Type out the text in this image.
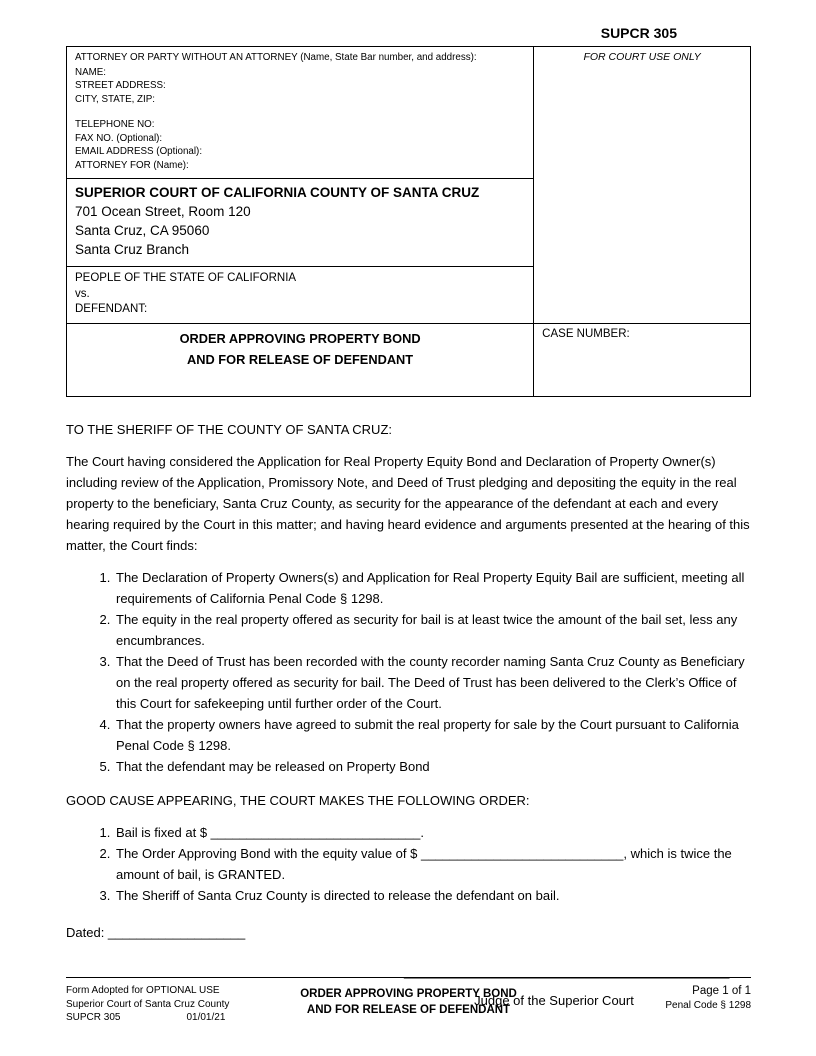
SUPCR 305
ATTORNEY OR PARTY WITHOUT AN ATTORNEY (Name, State Bar number, and address):
NAME:
STREET ADDRESS:
CITY, STATE, ZIP:
TELEPHONE NO:
FAX NO. (Optional):
EMAIL ADDRESS (Optional):
ATTORNEY FOR (Name):
	FOR COURT USE ONLY

SUPERIOR COURT OF CALIFORNIA COUNTY OF SANTA CRUZ
701 Ocean Street, Room 120
Santa Cruz, CA 95060
Santa Cruz Branch	

PEOPLE OF THE STATE OF CALIFORNIA
vs.
DEFENDANT:	

ORDER APPROVING PROPERTY BOND
AND FOR RELEASE OF DEFENDANT	CASE NUMBER:

TO THE SHERIFF OF THE COUNTY OF SANTA CRUZ:

The Court having considered the Application for Real Property Equity Bond and Declaration of Property Owner(s) including review of the Application, Promissory Note, and Deed of Trust pledging and depositing the equity in the real property to the beneficiary, Santa Cruz County, as security for the appearance of the defendant at each and every hearing required by the Court in this matter; and having heard evidence and arguments presented at the hearing of this matter, the Court finds:

1. The Declaration of Property Owners(s) and Application for Real Property Equity Bail are sufficient, meeting all requirements of California Penal Code § 1298.
2. The equity in the real property offered as security for bail is at least twice the amount of the bail set, less any encumbrances.
3. That the Deed of Trust has been recorded with the county recorder naming Santa Cruz County as Beneficiary on the real property offered as security for bail. The Deed of Trust has been delivered to the Clerk’s Office of this Court for safekeeping until further order of the Court.
4. That the property owners have agreed to submit the real property for sale by the Court pursuant to California Penal Code § 1298.
5. That the defendant may be released on Property Bond

GOOD CAUSE APPEARING, THE COURT MAKES THE FOLLOWING ORDER:

1. Bail is fixed at $ _____________________________.
2. The Order Approving Bond with the equity value of $ ____________________________, which is twice the amount of bail, is GRANTED.
3. The Sheriff of Santa Cruz County is directed to release the defendant on bail.

Dated: ___________________

_____________________________________________
Judge of the Superior Court
Form Adopted for OPTIONAL USE
Superior Court of Santa Cruz County
SUPCR 305	01/01/21
ORDER APPROVING PROPERTY BOND
AND FOR RELEASE OF DEFENDANT
Page 1 of 1
Penal Code § 1298
